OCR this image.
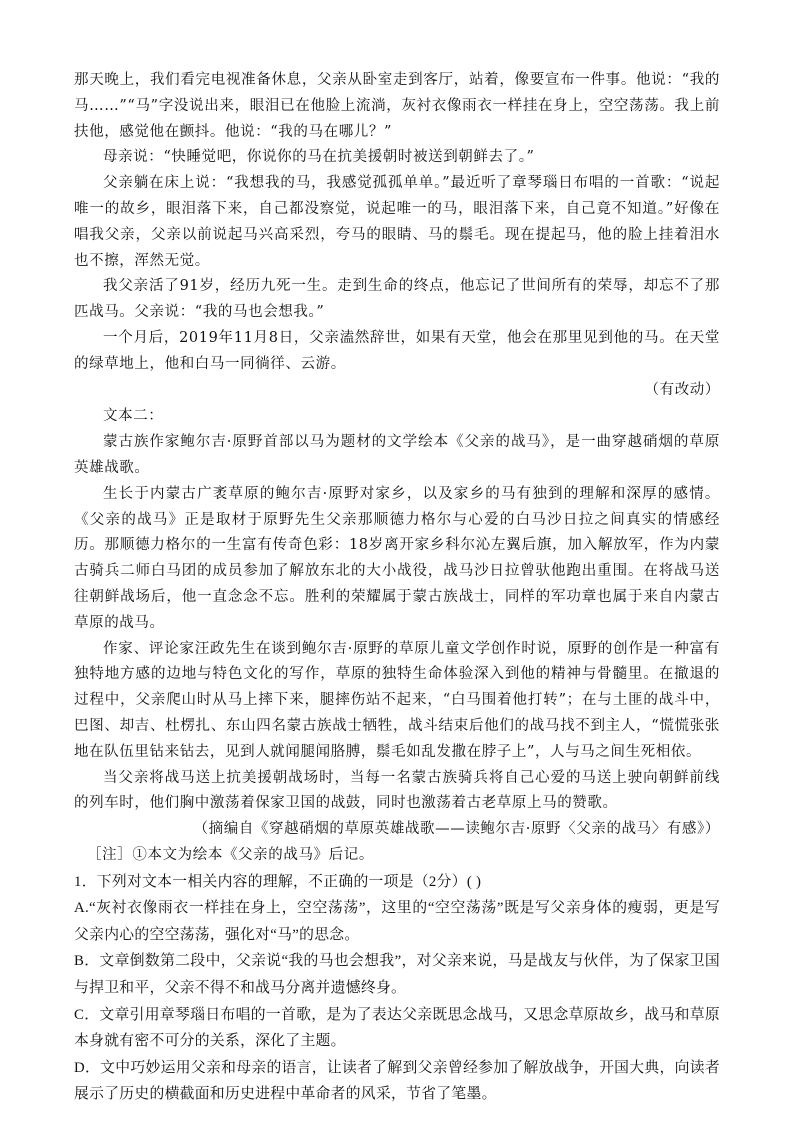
那天晚上，我们看完电视准备休息，父亲从卧室走到客厅，站着，像要宣布一件事。他说：“我的马……”“马”字没说出来，眼泪已在他脸上流淌，灰衬衣像雨衣一样挂在身上，空空荡荡。我上前扶他，感觉他在颤抖。他说：“我的马在哪儿？”

母亲说：“快睡觉吧，你说你的马在抗美援朝时被送到朝鲜去了。”

父亲躺在床上说：“我想我的马，我感觉孤孤单单。”最近听了章琴瑙日布唱的一首歌：“说起唯一的故乡，眼泪落下来，自己都没察觉，说起唯一的马，眼泪落下来，自己竟不知道。”好像在唱我父亲，父亲以前说起马兴高采烈，夸马的眼睛、马的鬃毛。现在提起马，他的脸上挂着泪水也不擦，浑然无觉。

我父亲活了91岁，经历九死一生。走到生命的终点，他忘记了世间所有的荣辱，却忘不了那匹战马。父亲说：“我的马也会想我。”

一个月后，2019年11月8日，父亲溘然辞世，如果有天堂，他会在那里见到他的马。在天堂的绿草地上，他和白马一同徜徉、云游。

（有改动）

文本二：

蒙古族作家鲍尔吉·原野首部以马为题材的文学绘本《父亲的战马》，是一曲穿越硝烟的草原英雄战歌。

生长于内蒙古广袤草原的鲍尔吉·原野对家乡，以及家乡的马有独到的理解和深厚的感情。《父亲的战马》正是取材于原野先生父亲那顺德力格尔与心爱的白马沙日拉之间真实的情感经历。那顺德力格尔的一生富有传奇色彩：18岁离开家乡科尔沁左翼后旗，加入解放军，作为内蒙古骑兵二师白马团的成员参加了解放东北的大小战役，战马沙日拉曾驮他跑出重围。在将战马送往朝鲜战场后，他一直念念不忘。胜利的荣耀属于蒙古族战士，同样的军功章也属于来自内蒙古草原的战马。

作家、评论家汪政先生在谈到鲍尔吉·原野的草原儿童文学创作时说，原野的创作是一种富有独特地方感的边地与特色文化的写作，草原的独特生命体验深入到他的精神与骨髓里。在撤退的过程中，父亲爬山时从马上摔下来，腿摔伤站不起来，“白马围着他打转”；在与土匪的战斗中，巴图、却吉、杜楞扎、东山四名蒙古族战士牺牲，战斗结束后他们的战马找不到主人，“慌慌张张地在队伍里钻来钻去，见到人就闻腿闻胳膊，鬃毛如乱发撒在脖子上”，人与马之间生死相依。

当父亲将战马送上抗美援朝战场时，当每一名蒙古族骑兵将自己心爱的马送上驶向朝鲜前线的列车时，他们胸中激荡着保家卫国的战鼓，同时也激荡着古老草原上马的赞歌。

（摘编自《穿越硝烟的草原英雄战歌——读鲍尔吉·原野〈父亲的战马〉有感》）

［注］①本文为绘本《父亲的战马》后记。

1．下列对文本一相关内容的理解，不正确的一项是（2分）( )

A.“灰衬衣像雨衣一样挂在身上，空空荡荡”，这里的“空空荡荡”既是写父亲身体的瘦弱，更是写父亲内心的空空荡荡，强化对“马”的思念。

B．文章倒数第二段中，父亲说“我的马也会想我”，对父亲来说，马是战友与伙伴，为了保家卫国与捍卫和平，父亲不得不和战马分离并遗憾终身。

C．文章引用章琴瑙日布唱的一首歌，是为了表达父亲既思念战马，又思念草原故乡，战马和草原本身就有密不可分的关系，深化了主题。

D．文中巧妙运用父亲和母亲的语言，让读者了解到父亲曾经参加了解放战争，开国大典，向读者展示了历史的横截面和历史进程中革命者的风采，节省了笔墨。
